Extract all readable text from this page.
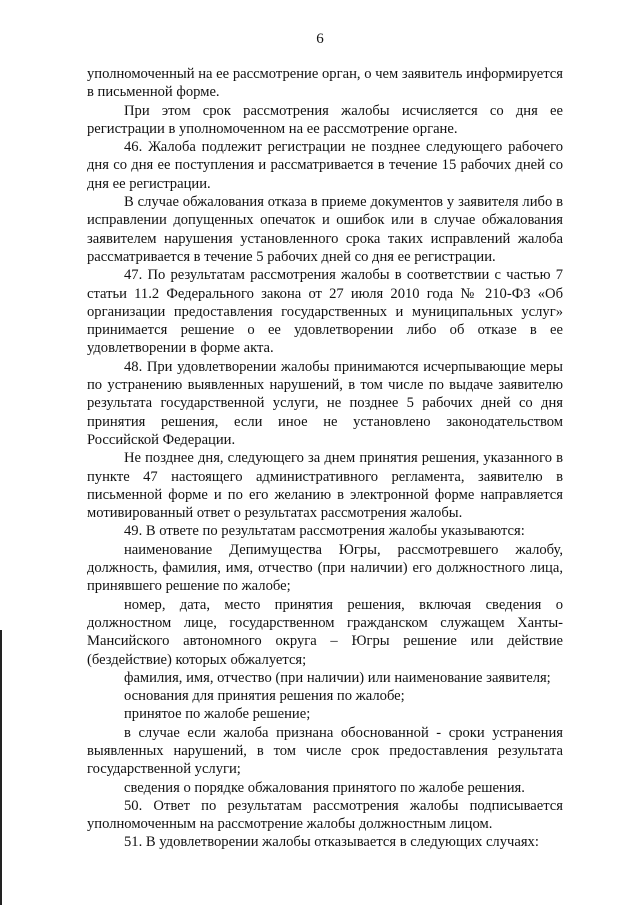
6

уполномоченный на ее рассмотрение орган, о чем заявитель информируется в письменной форме.

При этом срок рассмотрения жалобы исчисляется со дня ее регистрации в уполномоченном на ее рассмотрение органе.

46. Жалоба подлежит регистрации не позднее следующего рабочего дня со дня ее поступления и рассматривается в течение 15 рабочих дней со дня ее регистрации.

В случае обжалования отказа в приеме документов у заявителя либо в исправлении допущенных опечаток и ошибок или в случае обжалования заявителем нарушения установленного срока таких исправлений жалоба рассматривается в течение 5 рабочих дней со дня ее регистрации.

47. По результатам рассмотрения жалобы в соответствии с частью 7 статьи 11.2 Федерального закона от 27 июля 2010 года № 210-ФЗ «Об организации предоставления государственных и муниципальных услуг» принимается решение о ее удовлетворении либо об отказе в ее удовлетворении в форме акта.

48. При удовлетворении жалобы принимаются исчерпывающие меры по устранению выявленных нарушений, в том числе по выдаче заявителю результата государственной услуги, не позднее 5 рабочих дней со дня принятия решения, если иное не установлено законодательством Российской Федерации.

Не позднее дня, следующего за днем принятия решения, указанного в пункте 47 настоящего административного регламента, заявителю в письменной форме и по его желанию в электронной форме направляется мотивированный ответ о результатах рассмотрения жалобы.

49. В ответе по результатам рассмотрения жалобы указываются:

наименование Депимущества Югры, рассмотревшего жалобу, должность, фамилия, имя, отчество (при наличии) его должностного лица, принявшего решение по жалобе;

номер, дата, место принятия решения, включая сведения о должностном лице, государственном гражданском служащем Ханты-Мансийского автономного округа – Югры решение или действие (бездействие) которых обжалуется;

фамилия, имя, отчество (при наличии) или наименование заявителя;

основания для принятия решения по жалобе;

принятое по жалобе решение;

в случае если жалоба признана обоснованной - сроки устранения выявленных нарушений, в том числе срок предоставления результата государственной услуги;

сведения о порядке обжалования принятого по жалобе решения.

50. Ответ по результатам рассмотрения жалобы подписывается уполномоченным на рассмотрение жалобы должностным лицом.

51. В удовлетворении жалобы отказывается в следующих случаях:
